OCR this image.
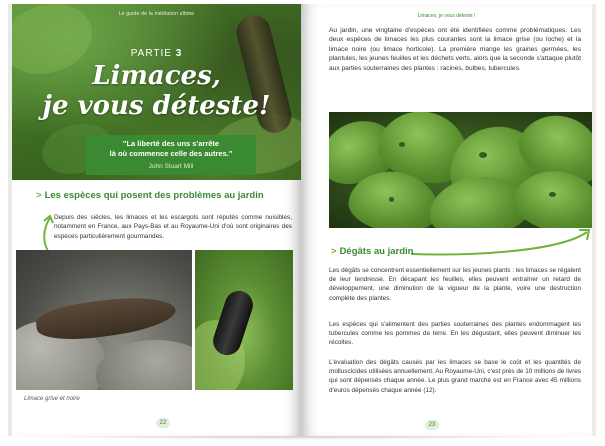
Le guide de la médiation ultime
PARTIE 3
Limaces,
je vous déteste!
"La liberté des uns s'arrête
là où commence celle des autres."
John Stuart Mill
> Les espèces qui posent des problèmes au jardin
Depuis des siècles, les limaces et les escargots sont réputés comme nuisibles, notamment en France, aux Pays-Bas et au Royaume-Uni d'où sont originaires des espèces particulièrement gourmandes.
Limace grise et noire
22
Limaces, je vous déteste !
Au jardin, une vingtaine d'espèces ont été identifiées comme problématiques. Les deux espèces de limaces les plus courantes sont la limace grise (ou loche) et la limace noire (ou limace horticole). La première mange les graines germées, les plantules, les jeunes feuilles et les déchets verts, alors que la seconde s'attaque plutôt aux parties souterraines des plantes : racines, bulbes, tubercules.
> Dégâts au jardin
Les dégâts se concentrent essentiellement sur les jeunes plants : les limaces se régalent de leur tendresse. En décapant les feuilles, elles peuvent entraîner un retard de développement, une diminution de la vigueur de la plante, voire une destruction complète des plantes.
Les espèces qui s'alimentent des parties souterraines des plantes endommagent les tubercules comme les pommes de terre. En les dégustant, elles peuvent diminuer les récoltes.
L'évaluation des dégâts causés par les limaces se base le coût et les quantités de molluscicides utilisées annuellement. Au Royaume-Uni, c'est près de 10 millions de livres qui sont dépensés chaque année. Le plus grand marché est en France avec 45 millions d'euros dépensés chaque année (12).
23
